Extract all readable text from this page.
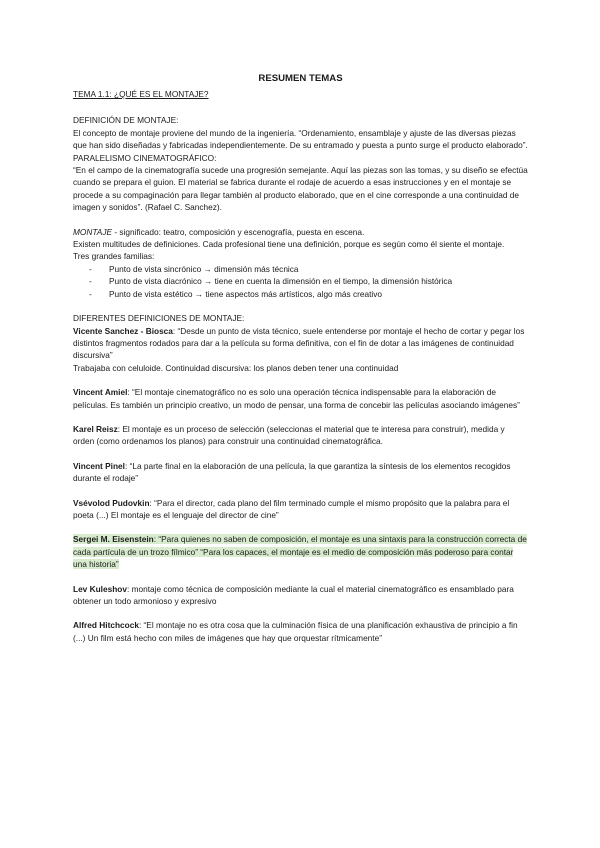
RESUMEN TEMAS
TEMA 1.1: ¿QUÉ ES EL MONTAJE?

DEFINICIÓN DE MONTAJE:

El concepto de montaje proviene del mundo de la ingeniería. “Ordenamiento, ensamblaje y ajuste de las diversas piezas que han sido diseñadas y fabricadas independientemente. De su entramado y puesta a punto surge el producto elaborado”.

PARALELISMO CINEMATOGRÁFICO:

“En el campo de la cinematografía sucede una progresión semejante. Aquí las piezas son las tomas, y su diseño se efectúa cuando se prepara el guion. El material se fabrica durante el rodaje de acuerdo a esas instrucciones y en el montaje se procede a su compaginación para llegar también al producto elaborado, que en el cine corresponde a una continuidad de imagen y sonidos”. (Rafael C. Sanchez).

MONTAJE - significado: teatro, composición y escenografía, puesta en escena.

Existen multitudes de definiciones. Cada profesional tiene una definición, porque es según como él siente el montaje.

Tres grandes familias:

- Punto de vista sincrónico → dimensión más técnica
- Punto de vista diacrónico → tiene en cuenta la dimensión en el tiempo, la dimensión histórica
- Punto de vista estético → tiene aspectos más artísticos, algo más creativo

DIFERENTES DEFINICIONES DE MONTAJE:

Vicente Sanchez - Biosca: “Desde un punto de vista técnico, suele entenderse por montaje el hecho de cortar y pegar los distintos fragmentos rodados para dar a la película su forma definitiva, con el fin de dotar a las imágenes de continuidad discursiva”

Trabajaba con celuloide. Continuidad discursiva: los planos deben tener una continuidad

Vincent Amiel: “El montaje cinematográfico no es solo una operación técnica indispensable para la elaboración de películas. Es también un principio creativo, un modo de pensar, una forma de concebir las películas asociando imágenes”

Karel Reisz: El montaje es un proceso de selección (seleccionas el material que te interesa para construir), medida y orden (como ordenamos los planos) para construir una continuidad cinematográfica.

Vincent Pinel: “La parte final en la elaboración de una película, la que garantiza la síntesis de los elementos recogidos durante el rodaje”

Vsévolod Pudovkin: “Para el director, cada plano del film terminado cumple el mismo propósito que la palabra para el poeta (...) El montaje es el lenguaje del director de cine”

Sergei M. Eisenstein: “Para quienes no saben de composición, el montaje es una sintaxis para la construcción correcta de cada partícula de un trozo fílmico” “Para los capaces, el montaje es el medio de composición más poderoso para contar una historia”

Lev Kuleshov: montaje como técnica de composición mediante la cual el material cinematográfico es ensamblado para obtener un todo armonioso y expresivo

Alfred Hitchcock: “El montaje no es otra cosa que la culminación física de una planificación exhaustiva de principio a fin (...) Un film está hecho con miles de imágenes que hay que orquestar rítmicamente”
